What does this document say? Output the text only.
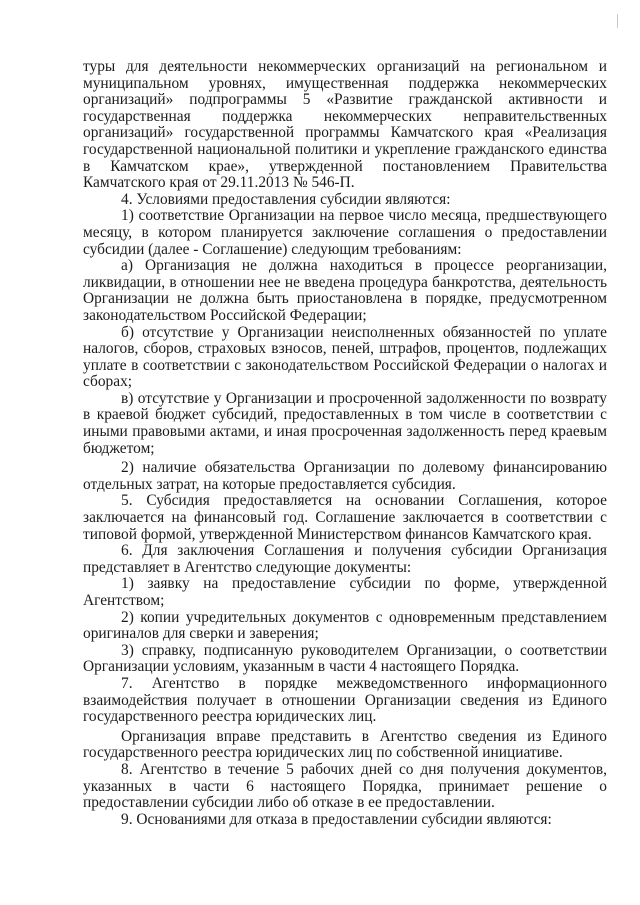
туры для деятельности некоммерческих организаций на региональном и муниципальном уровнях, имущественная поддержка некоммерческих организаций» подпрограммы 5 «Развитие гражданской активности и государственная поддержка некоммерческих неправительственных организаций» государственной программы Камчатского края «Реализация государственной национальной политики и укрепление гражданского единства в Камчатском крае», утвержденной постановлением Правительства Камчатского края от 29.11.2013 № 546-П.

4. Условиями предоставления субсидии являются:

1) соответствие Организации на первое число месяца, предшествующего месяцу, в котором планируется заключение соглашения о предоставлении субсидии (далее - Соглашение) следующим требованиям:

а) Организация не должна находиться в процессе реорганизации, ликвидации, в отношении нее не введена процедура банкротства, деятельность Организации не должна быть приостановлена в порядке, предусмотренном законодательством Российской Федерации;

б) отсутствие у Организации неисполненных обязанностей по уплате налогов, сборов, страховых взносов, пеней, штрафов, процентов, подлежащих уплате в соответствии с законодательством Российской Федерации о налогах и сборах;

в) отсутствие у Организации и просроченной задолженности по возврату в краевой бюджет субсидий, предоставленных в том числе в соответствии с иными правовыми актами, и иная просроченная задолженность перед краевым бюджетом;

2) наличие обязательства Организации по долевому финансированию отдельных затрат, на которые предоставляется субсидия.

5. Субсидия предоставляется на основании Соглашения, которое заключается на финансовый год. Соглашение заключается в соответствии с типовой формой, утвержденной Министерством финансов Камчатского края.

6. Для заключения Соглашения и получения субсидии Организация представляет в Агентство следующие документы:

1) заявку на предоставление субсидии по форме, утвержденной Агентством;

2) копии учредительных документов с одновременным представлением оригиналов для сверки и заверения;

3) справку, подписанную руководителем Организации, о соответствии Организации условиям, указанным в части 4 настоящего Порядка.

7. Агентство в порядке межведомственного информационного взаимодействия получает в отношении Организации сведения из Единого государственного реестра юридических лиц.

Организация вправе представить в Агентство сведения из Единого государственного реестра юридических лиц по собственной инициативе.

8. Агентство в течение 5 рабочих дней со дня получения документов, указанных в части 6 настоящего Порядка, принимает решение о предоставлении субсидии либо об отказе в ее предоставлении.

9. Основаниями для отказа в предоставлении субсидии являются:
